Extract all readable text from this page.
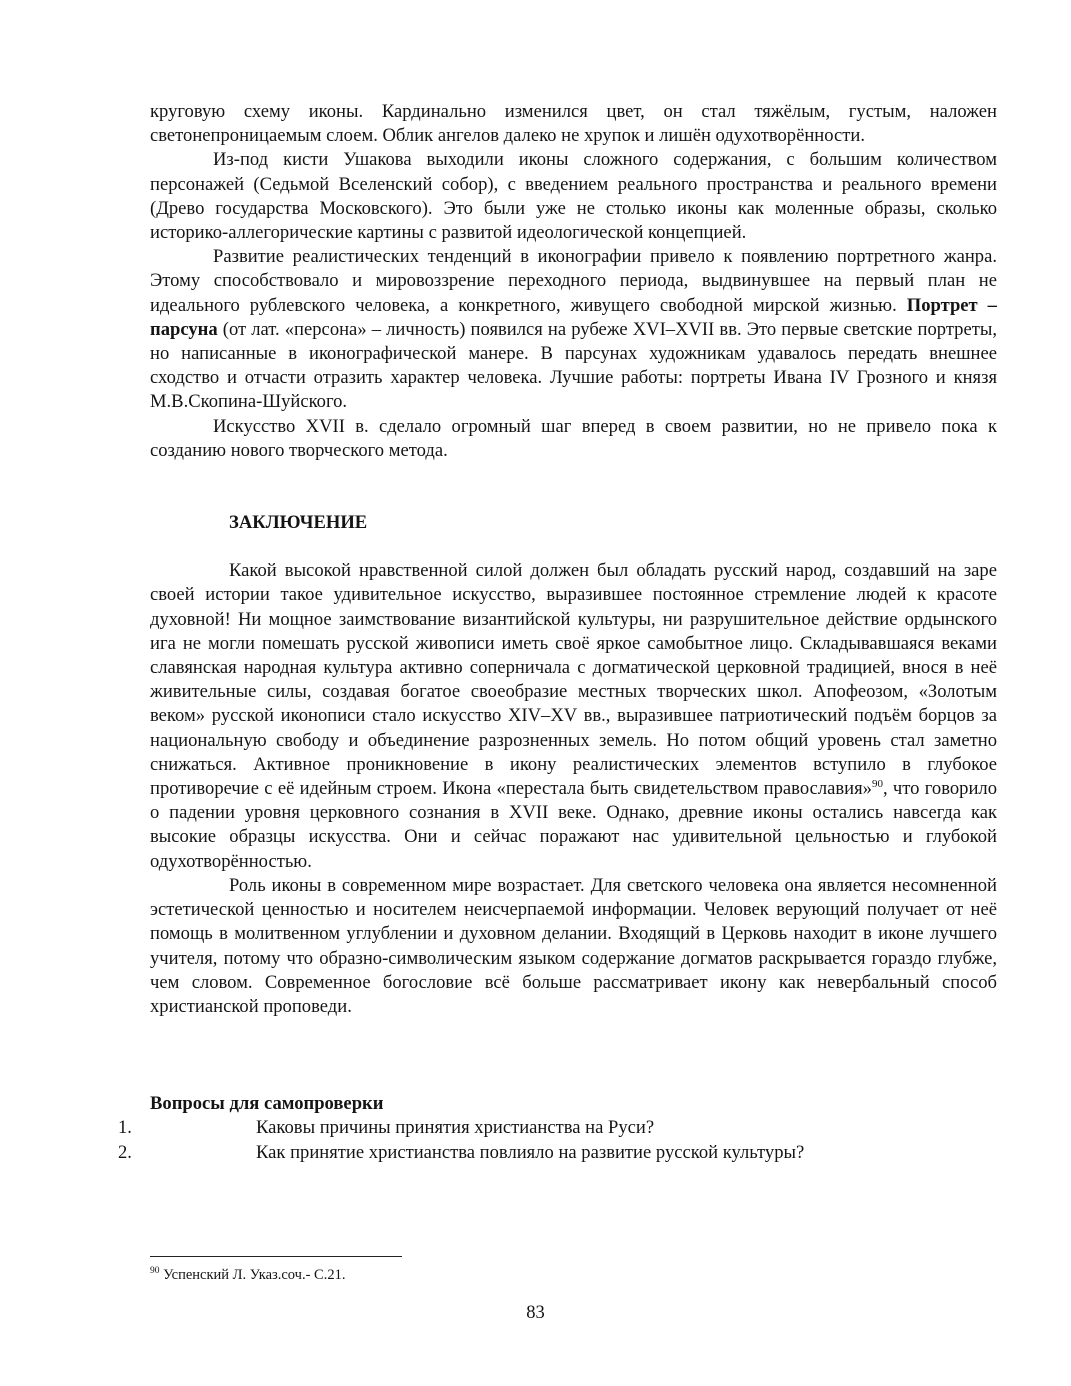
круговую схему иконы. Кардинально изменился цвет, он стал тяжёлым, густым, наложен светонепроницаемым слоем. Облик ангелов далеко не хрупок и лишён одухотворённости.

Из-под кисти Ушакова выходили иконы сложного содержания, с большим количеством персонажей (Седьмой Вселенский собор), с введением реального пространства и реального времени (Древо государства Московского). Это были уже не столько иконы как моленные образы, сколько историко-аллегорические картины с развитой идеологической концепцией.

Развитие реалистических тенденций в иконографии привело к появлению портретного жанра. Этому способствовало и мировоззрение переходного периода, выдвинувшее на первый план не идеального рублевского человека, а конкретного, живущего свободной мирской жизнью. Портрет – парсуна (от лат. «персона» – личность) появился на рубеже XVI–XVII вв. Это первые светские портреты, но написанные в иконографической манере. В парсунах художникам удавалось передать внешнее сходство и отчасти отразить характер человека. Лучшие работы: портреты Ивана IV Грозного и князя М.В.Скопина-Шуйского.

Искусство XVII в. сделало огромный шаг вперед в своем развитии, но не привело пока к созданию нового творческого метода.

ЗАКЛЮЧЕНИЕ

Какой высокой нравственной силой должен был обладать русский народ, создавший на заре своей истории такое удивительное искусство, выразившее постоянное стремление людей к красоте духовной! Ни мощное заимствование византийской культуры, ни разрушительное действие ордынского ига не могли помешать русской живописи иметь своё яркое самобытное лицо. Складывавшаяся веками славянская народная культура активно соперничала с догматической церковной традицией, внося в неё живительные силы, создавая богатое своеобразие местных творческих школ. Апофеозом, «Золотым веком» русской иконописи стало искусство XIV–XV вв., выразившее патриотический подъём борцов за национальную свободу и объединение разрозненных земель. Но потом общий уровень стал заметно снижаться. Активное проникновение в икону реалистических элементов вступило в глубокое противоречие с её идейным строем. Икона «перестала быть свидетельством православия»$^{90}$, что говорило о падении уровня церковного сознания в XVII веке. Однако, древние иконы остались навсегда как высокие образцы искусства. Они и сейчас поражают нас удивительной цельностью и глубокой одухотворённостью.

Роль иконы в современном мире возрастает. Для светского человека она является несомненной эстетической ценностью и носителем неисчерпаемой информации. Человек верующий получает от неё помощь в молитвенном углублении и духовном делании. Входящий в Церковь находит в иконе лучшего учителя, потому что образно-символическим языком содержание догматов раскрывается гораздо глубже, чем словом. Современное богословие всё больше рассматривает икону как невербальный способ христианской проповеди.

Вопросы для самопроверки

1.	Каковы причины принятия христианства на Руси?
2.	Как принятие христианства повлияло на развитие русской культуры?
$^{90}$ Успенский Л. Указ.соч.- С.21.
83
